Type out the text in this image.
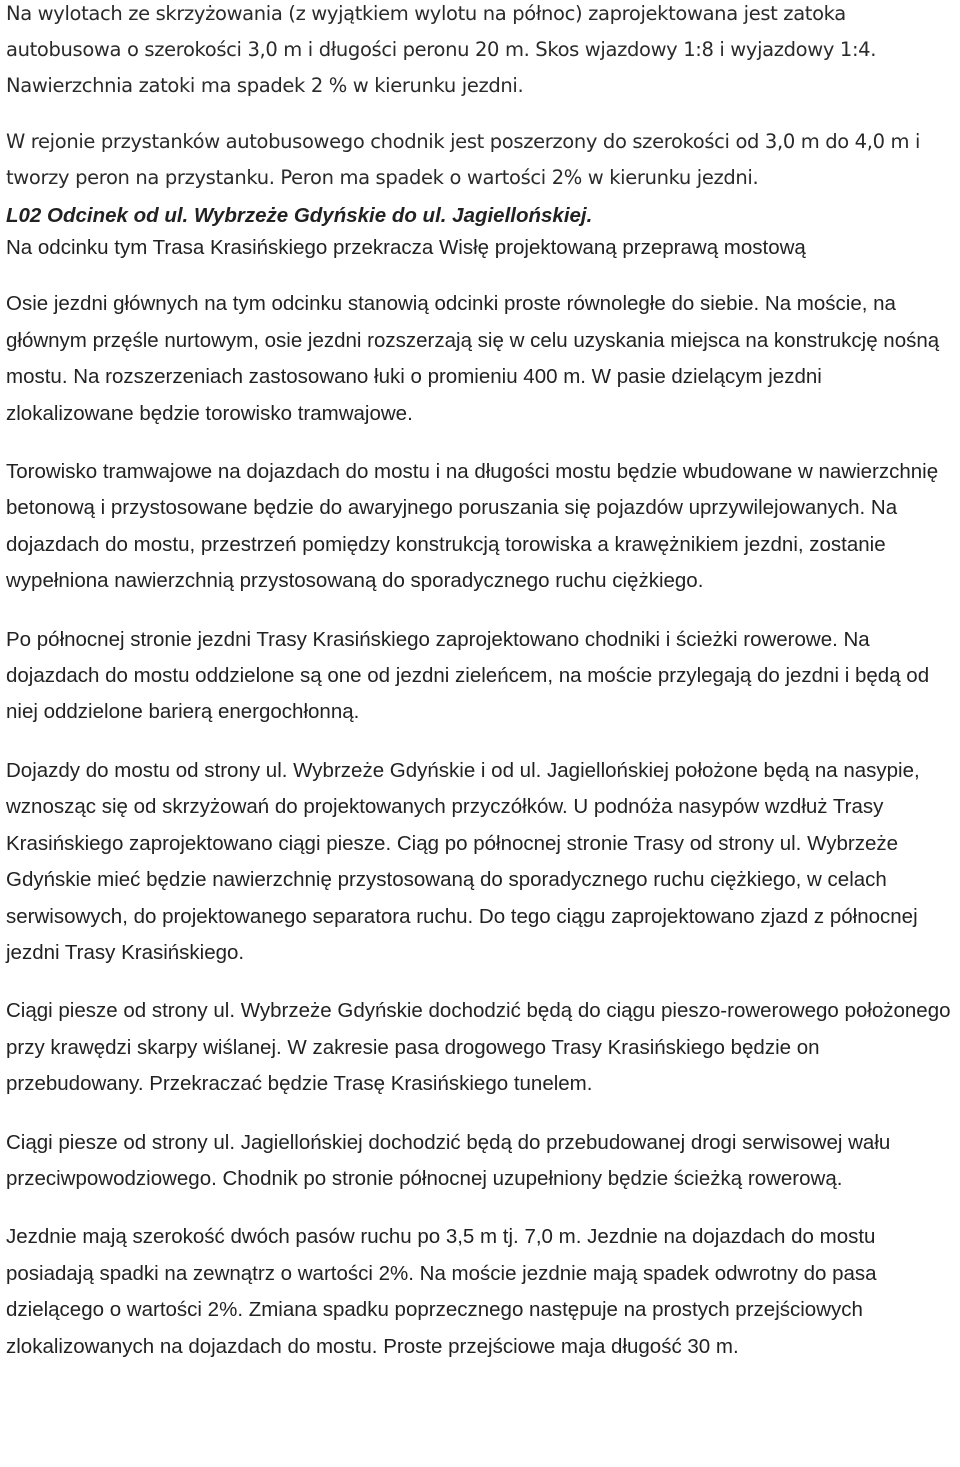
Na wylotach ze skrzyżowania (z wyjątkiem wylotu na północ) zaprojektowana jest zatoka autobusowa o szerokości 3,0 m i długości peronu 20 m. Skos wjazdowy 1:8 i wyjazdowy 1:4. Nawierzchnia zatoki ma spadek 2 % w kierunku jezdni.

W rejonie przystanków autobusowego chodnik jest poszerzony do szerokości od 3,0 m do 4,0 m i tworzy peron na przystanku. Peron ma spadek o wartości 2% w kierunku jezdni.

L02 Odcinek od ul. Wybrzeże Gdyńskie do ul. Jagiellońskiej.

Na odcinku tym Trasa Krasińskiego przekracza Wisłę projektowaną przeprawą mostową

Osie jezdni głównych na tym odcinku stanowią odcinki proste równoległe do siebie. Na moście, na głównym przęśle nurtowym, osie jezdni rozszerzają się w celu uzyskania miejsca na konstrukcję nośną mostu. Na rozszerzeniach zastosowano łuki o promieniu 400 m. W pasie dzielącym jezdni zlokalizowane będzie torowisko tramwajowe.

Torowisko tramwajowe na dojazdach do mostu i na długości mostu będzie wbudowane w nawierzchnię betonową i przystosowane będzie do awaryjnego poruszania się pojazdów uprzywilejowanych. Na dojazdach do mostu, przestrzeń pomiędzy konstrukcją torowiska a krawężnikiem jezdni, zostanie wypełniona nawierzchnią przystosowaną do sporadycznego ruchu ciężkiego.

Po północnej stronie jezdni Trasy Krasińskiego zaprojektowano chodniki i ścieżki rowerowe. Na dojazdach do mostu oddzielone są one od jezdni zieleńcem, na moście przylegają do jezdni i będą od niej oddzielone barierą energochłonną.

Dojazdy do mostu od strony ul. Wybrzeże Gdyńskie i od ul. Jagiellońskiej położone będą na nasypie, wznosząc się od skrzyżowań do projektowanych przyczółków. U podnóża nasypów wzdłuż Trasy Krasińskiego zaprojektowano ciągi piesze. Ciąg po północnej stronie Trasy od strony ul. Wybrzeże Gdyńskie mieć będzie nawierzchnię przystosowaną do sporadycznego ruchu ciężkiego, w celach serwisowych, do projektowanego separatora ruchu. Do tego ciągu zaprojektowano zjazd z północnej jezdni Trasy Krasińskiego.

Ciągi piesze od strony ul. Wybrzeże Gdyńskie dochodzić będą do ciągu pieszo-rowerowego położonego przy krawędzi skarpy wiślanej. W zakresie pasa drogowego Trasy Krasińskiego będzie on przebudowany. Przekraczać będzie Trasę Krasińskiego tunelem.

Ciągi piesze od strony ul. Jagiellońskiej dochodzić będą do przebudowanej drogi serwisowej wału przeciwpowodziowego. Chodnik po stronie północnej uzupełniony będzie ścieżką rowerową.

Jezdnie mają szerokość dwóch pasów ruchu po 3,5 m tj. 7,0 m. Jezdnie na dojazdach do mostu posiadają spadki na zewnątrz o wartości 2%. Na moście jezdnie mają spadek odwrotny do pasa dzielącego o wartości 2%. Zmiana spadku poprzecznego następuje na prostych przejściowych zlokalizowanych na dojazdach do mostu. Proste przejściowe maja długość 30 m.
